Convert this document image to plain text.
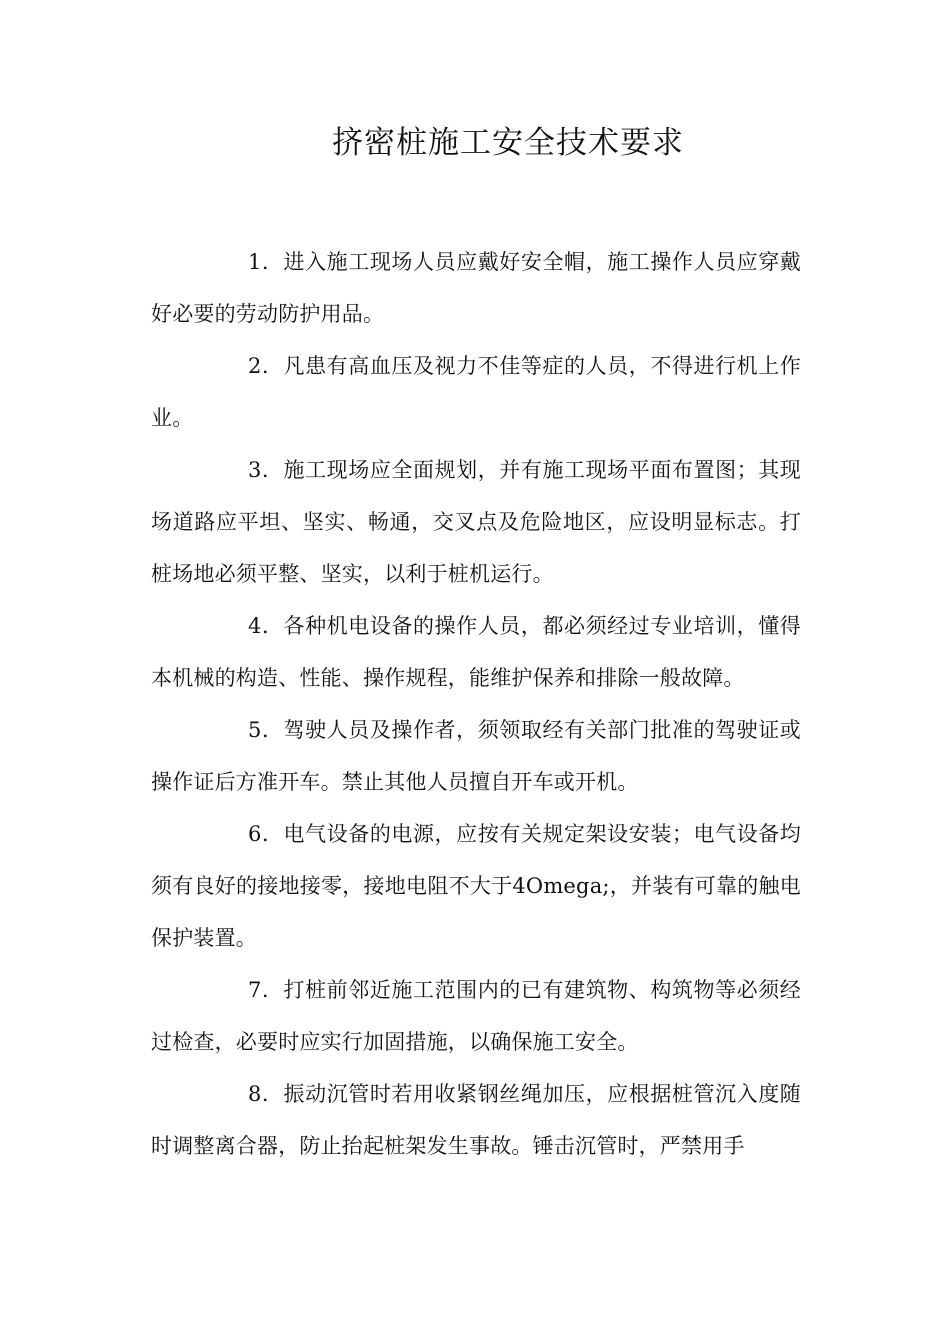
挤密桩施工安全技术要求

1．进入施工现场人员应戴好安全帽，施工操作人员应穿戴好必要的劳动防护用品。

2．凡患有高血压及视力不佳等症的人员，不得进行机上作业。

3．施工现场应全面规划，并有施工现场平面布置图；其现场道路应平坦、坚实、畅通，交叉点及危险地区，应设明显标志。打桩场地必须平整、坚实，以利于桩机运行。

4．各种机电设备的操作人员，都必须经过专业培训，懂得本机械的构造、性能、操作规程，能维护保养和排除一般故障。

5．驾驶人员及操作者，须领取经有关部门批准的驾驶证或操作证后方准开车。禁止其他人员擅自开车或开机。

6．电气设备的电源，应按有关规定架设安装；电气设备均须有良好的接地接零，接地电阻不大于4Omega;，并装有可靠的触电保护装置。

7．打桩前邻近施工范围内的已有建筑物、构筑物等必须经过检查，必要时应实行加固措施，以确保施工安全。

8．振动沉管时若用收紧钢丝绳加压，应根据桩管沉入度随时调整离合器，防止抬起桩架发生事故。锤击沉管时，严禁用手
